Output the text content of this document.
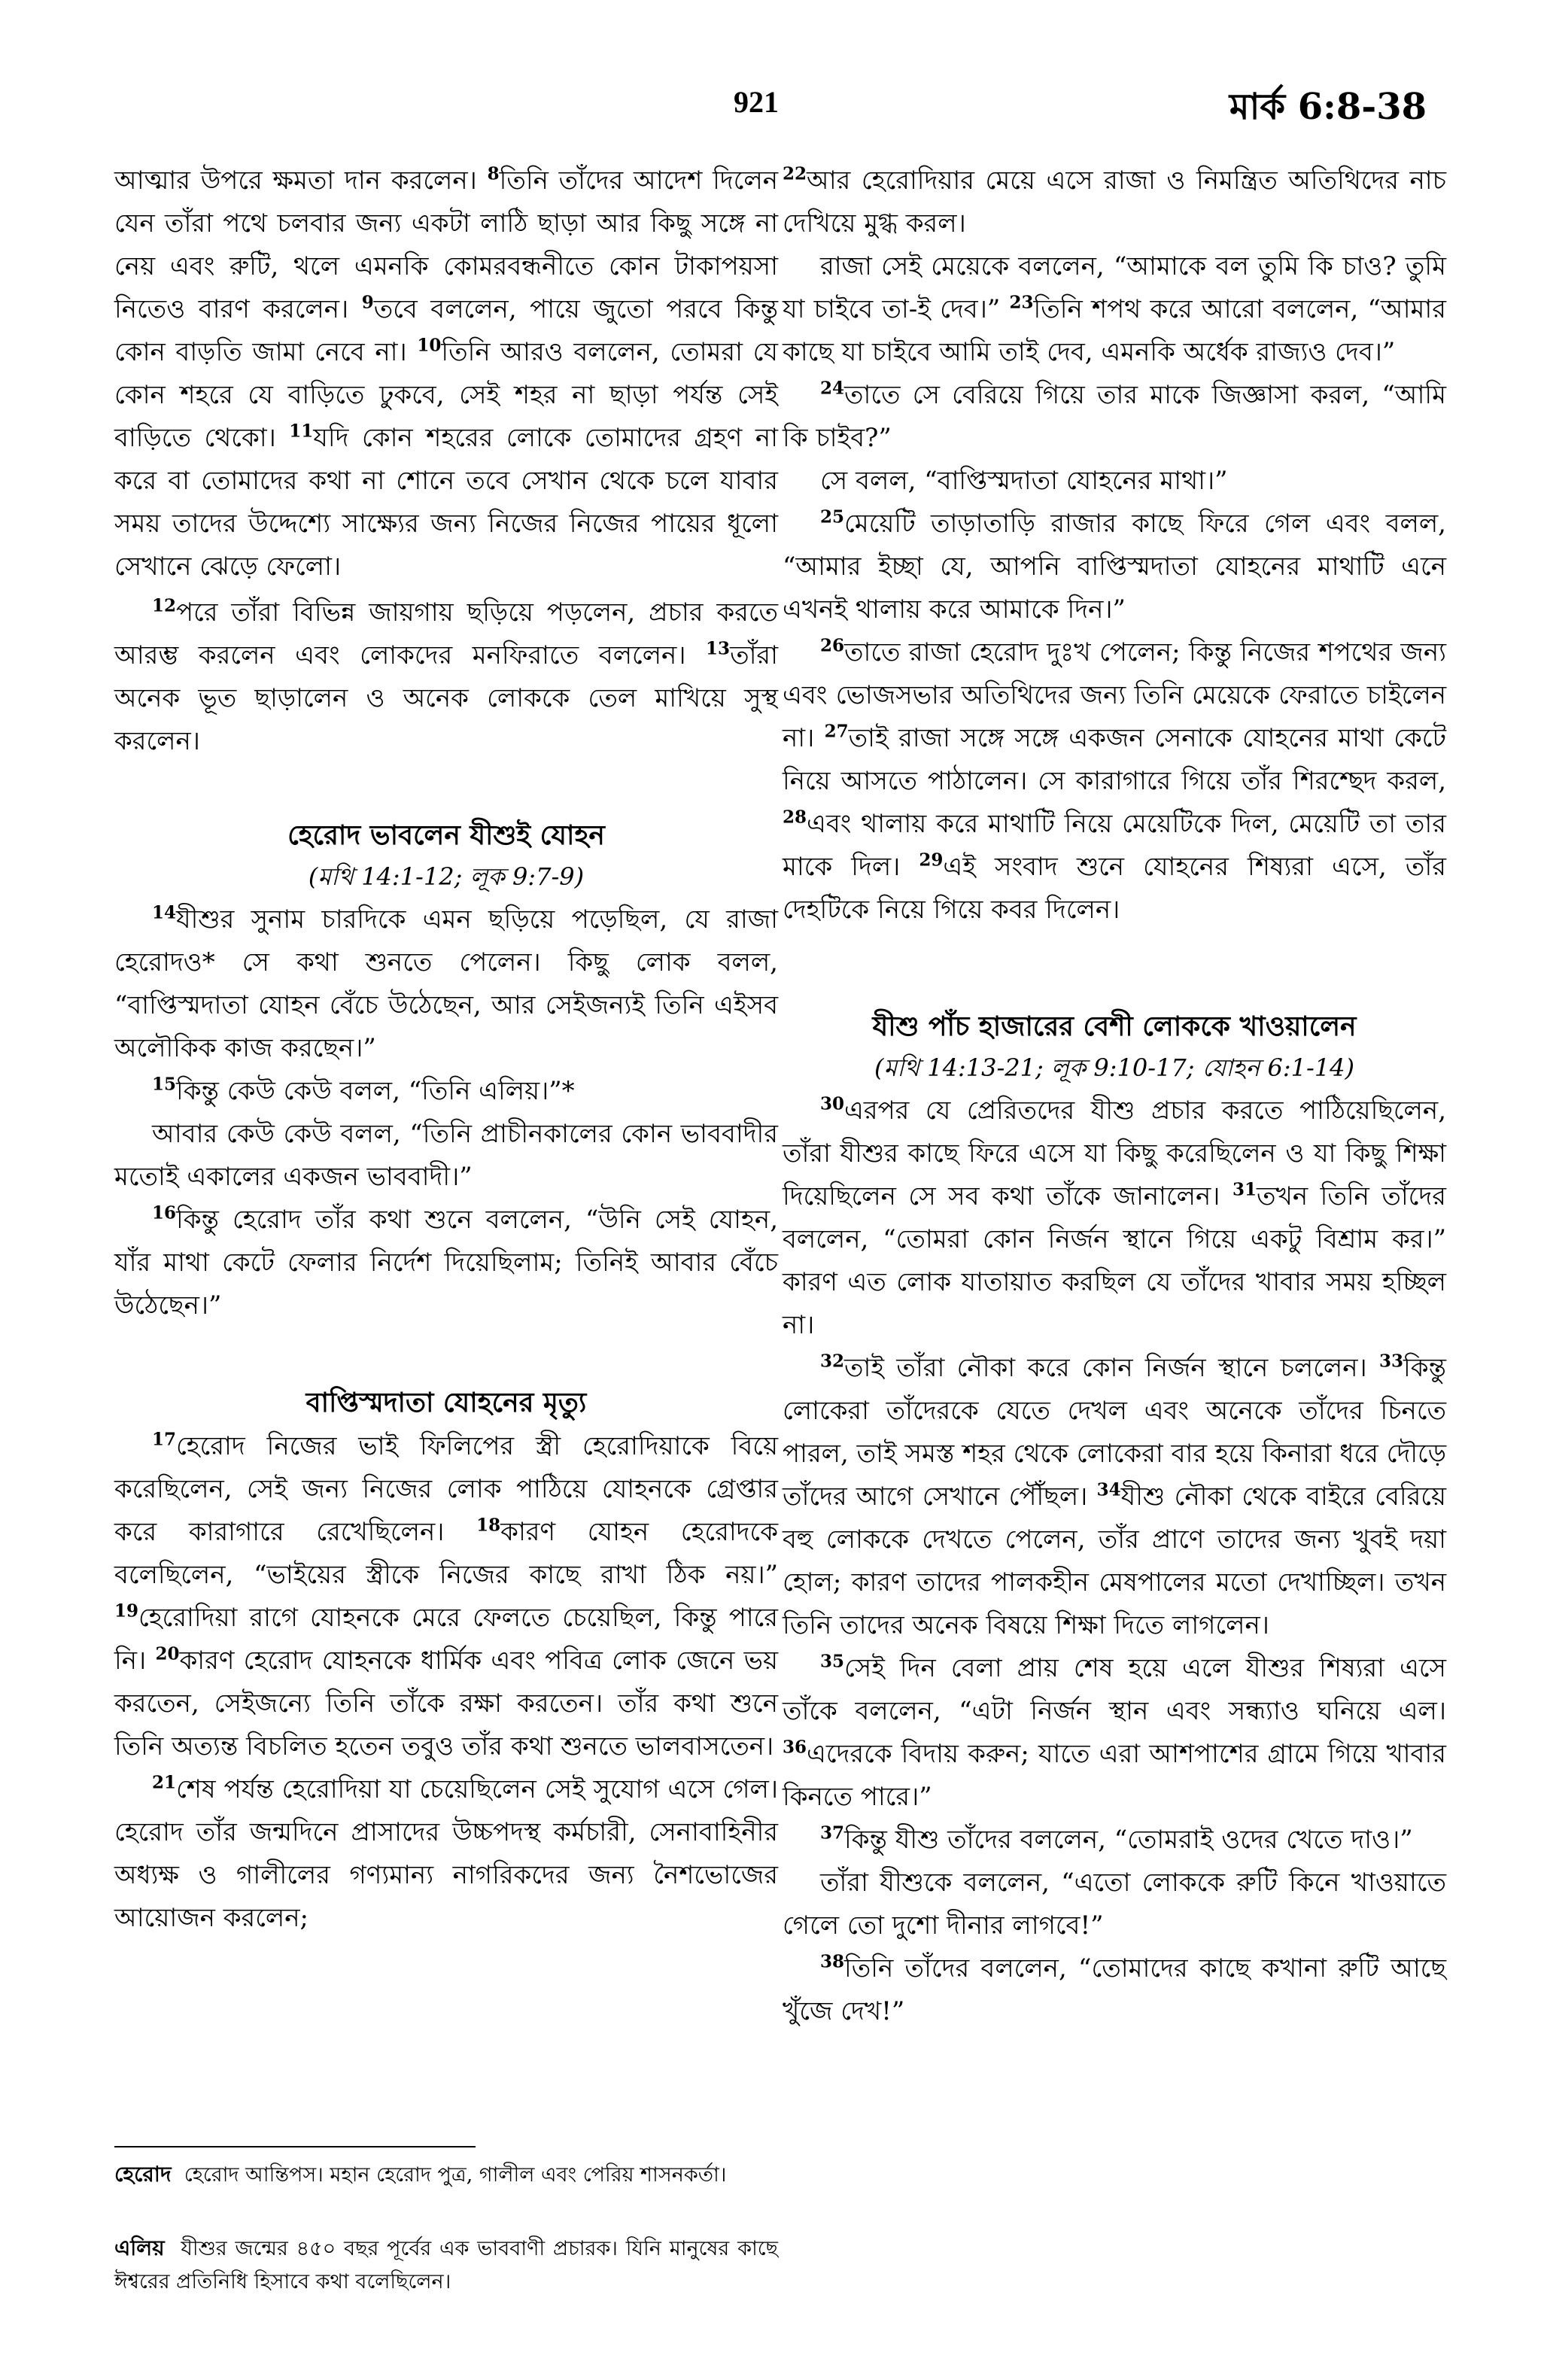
921	মার্ক 6:8-38

আত্মার উপরে ক্ষমতা দান করলেন। $^8$তিনি তাঁদের আদেশ দিলেন যেন তাঁরা পথে চলবার জন্য একটা লাঠি ছাড়া আর কিছু সঙ্গে না নেয় এবং রুটি, থলে এমনকি কোমরবন্ধনীতে কোন টাকাপয়সা নিতেও বারণ করলেন। $^9$তবে বললেন, পায়ে জুতো পরবে কিন্তু কোন বাড়তি জামা নেবে না। $^{10}$তিনি আরও বললেন, তোমরা যে কোন শহরে যে বাড়িতে ঢুকবে, সেই শহর না ছাড়া পর্যন্ত সেই বাড়িতে থেকো। $^{11}$যদি কোন শহরের লোকে তোমাদের গ্রহণ না করে বা তোমাদের কথা না শোনে তবে সেখান থেকে চলে যাবার সময় তাদের উদ্দেশ্যে সাক্ষ্যের জন্য নিজের নিজের পায়ের ধূলো সেখানে ঝেড়ে ফেলো।

$^{12}$পরে তাঁরা বিভিন্ন জায়গায় ছড়িয়ে পড়লেন, প্রচার করতে আরম্ভ করলেন এবং লোকদের মনফিরাতে বললেন। $^{13}$তাঁরা অনেক ভূত ছাড়ালেন ও অনেক লোককে তেল মাখিয়ে সুস্থ করলেন।

হেরোদ ভাবলেন যীশুই যোহন
(মথি 14:1-12; লূক 9:7-9)

$^{14}$যীশুর সুনাম চারদিকে এমন ছড়িয়ে পড়েছিল, যে রাজা হেরোদও* সে কথা শুনতে পেলেন। কিছু লোক বলল, “বাপ্তিস্মদাতা যোহন বেঁচে উঠেছেন, আর সেইজন্যই তিনি এইসব অলৌকিক কাজ করছেন।”

$^{15}$কিন্তু কেউ কেউ বলল, “তিনি এলিয়।”*

আবার কেউ কেউ বলল, “তিনি প্রাচীনকালের কোন ভাববাদীর মতোই একালের একজন ভাববাদী।”

$^{16}$কিন্তু হেরোদ তাঁর কথা শুনে বললেন, “উনি সেই যোহন, যাঁর মাথা কেটে ফেলার নির্দেশ দিয়েছিলাম; তিনিই আবার বেঁচে উঠেছেন।”

বাপ্তিস্মদাতা যোহনের মৃত্যু

$^{17}$হেরোদ নিজের ভাই ফিলিপের স্ত্রী হেরোদিয়াকে বিয়ে করেছিলেন, সেই জন্য নিজের লোক পাঠিয়ে যোহনকে গ্রেপ্তার করে কারাগারে রেখেছিলেন। $^{18}$কারণ যোহন হেরোদকে বলেছিলেন, “ভাইয়ের স্ত্রীকে নিজের কাছে রাখা ঠিক নয়।” $^{19}$হেরোদিয়া রাগে যোহনকে মেরে ফেলতে চেয়েছিল, কিন্তু পারে নি। $^{20}$কারণ হেরোদ যোহনকে ধার্মিক এবং পবিত্র লোক জেনে ভয় করতেন, সেইজন্যে তিনি তাঁকে রক্ষা করতেন। তাঁর কথা শুনে তিনি অত্যন্ত বিচলিত হতেন তবুও তাঁর কথা শুনতে ভালবাসতেন।

$^{21}$শেষ পর্যন্ত হেরোদিয়া যা চেয়েছিলেন সেই সুযোগ এসে গেল। হেরোদ তাঁর জন্মদিনে প্রাসাদের উচ্চপদস্থ কর্মচারী, সেনাবাহিনীর অধ্যক্ষ ও গালীলের গণ্যমান্য নাগরিকদের জন্য নৈশভোজের আয়োজন করলেন;

$^{22}$আর হেরোদিয়ার মেয়ে এসে রাজা ও নিমন্ত্রিত অতিথিদের নাচ দেখিয়ে মুগ্ধ করল।

রাজা সেই মেয়েকে বললেন, “আমাকে বল তুমি কি চাও? তুমি যা চাইবে তা-ই দেব।” $^{23}$তিনি শপথ করে আরো বললেন, “আমার কাছে যা চাইবে আমি তাই দেব, এমনকি অর্ধেক রাজ্যও দেব।”

$^{24}$তাতে সে বেরিয়ে গিয়ে তার মাকে জিজ্ঞাসা করল, “আমি কি চাইব?”

সে বলল, “বাপ্তিস্মদাতা যোহনের মাথা।”

$^{25}$মেয়েটি তাড়াতাড়ি রাজার কাছে ফিরে গেল এবং বলল, “আমার ইচ্ছা যে, আপনি বাপ্তিস্মদাতা যোহনের মাথাটি এনে এখনই থালায় করে আমাকে দিন।”

$^{26}$তাতে রাজা হেরোদ দুঃখ পেলেন; কিন্তু নিজের শপথের জন্য এবং ভোজসভার অতিথিদের জন্য তিনি মেয়েকে ফেরাতে চাইলেন না। $^{27}$তাই রাজা সঙ্গে সঙ্গে একজন সেনাকে যোহনের মাথা কেটে নিয়ে আসতে পাঠালেন। সে কারাগারে গিয়ে তাঁর শিরশ্ছেদ করল, $^{28}$এবং থালায় করে মাথাটি নিয়ে মেয়েটিকে দিল, মেয়েটি তা তার মাকে দিল। $^{29}$এই সংবাদ শুনে যোহনের শিষ্যরা এসে, তাঁর দেহটিকে নিয়ে গিয়ে কবর দিলেন।

যীশু পাঁচ হাজারের বেশী লোককে খাওয়ালেন
(মথি 14:13-21; লূক 9:10-17; যোহন 6:1-14)

$^{30}$এরপর যে প্রেরিতদের যীশু প্রচার করতে পাঠিয়েছিলেন, তাঁরা যীশুর কাছে ফিরে এসে যা কিছু করেছিলেন ও যা কিছু শিক্ষা দিয়েছিলেন সে সব কথা তাঁকে জানালেন। $^{31}$তখন তিনি তাঁদের বললেন, “তোমরা কোন নির্জন স্থানে গিয়ে একটু বিশ্রাম কর।” কারণ এত লোক যাতায়াত করছিল যে তাঁদের খাবার সময় হচ্ছিল না।

$^{32}$তাই তাঁরা নৌকা করে কোন নির্জন স্থানে চললেন। $^{33}$কিন্তু লোকেরা তাঁদেরকে যেতে দেখল এবং অনেকে তাঁদের চিনতে পারল, তাই সমস্ত শহর থেকে লোকেরা বার হয়ে কিনারা ধরে দৌড়ে তাঁদের আগে সেখানে পৌঁছল। $^{34}$যীশু নৌকা থেকে বাইরে বেরিয়ে বহু লোককে দেখতে পেলেন, তাঁর প্রাণে তাদের জন্য খুবই দয়া হোল; কারণ তাদের পালকহীন মেষপালের মতো দেখাচ্ছিল। তখন তিনি তাদের অনেক বিষয়ে শিক্ষা দিতে লাগলেন।

$^{35}$সেই দিন বেলা প্রায় শেষ হয়ে এলে যীশুর শিষ্যরা এসে তাঁকে বললেন, “এটা নির্জন স্থান এবং সন্ধ্যাও ঘনিয়ে এল। $^{36}$এদেরকে বিদায় করুন; যাতে এরা আশপাশের গ্রামে গিয়ে খাবার কিনতে পারে।”

$^{37}$কিন্তু যীশু তাঁদের বললেন, “তোমরাই ওদের খেতে দাও।”

তাঁরা যীশুকে বললেন, “এতো লোককে রুটি কিনে খাওয়াতে গেলে তো দুশো দীনার লাগবে!”

$^{38}$তিনি তাঁদের বললেন, “তোমাদের কাছে কখানা রুটি আছে খুঁজে দেখ!”

হেরোদ হেরোদ আন্তিপস। মহান হেরোদ পুত্র, গালীল এবং পেরিয় শাসনকর্তা।
এলিয় যীশুর জন্মের ৪৫০ বছর পূর্বের এক ভাববাণী প্রচারক। যিনি মানুষের কাছে ঈশ্বরের প্রতিনিধি হিসাবে কথা বলেছিলেন।
